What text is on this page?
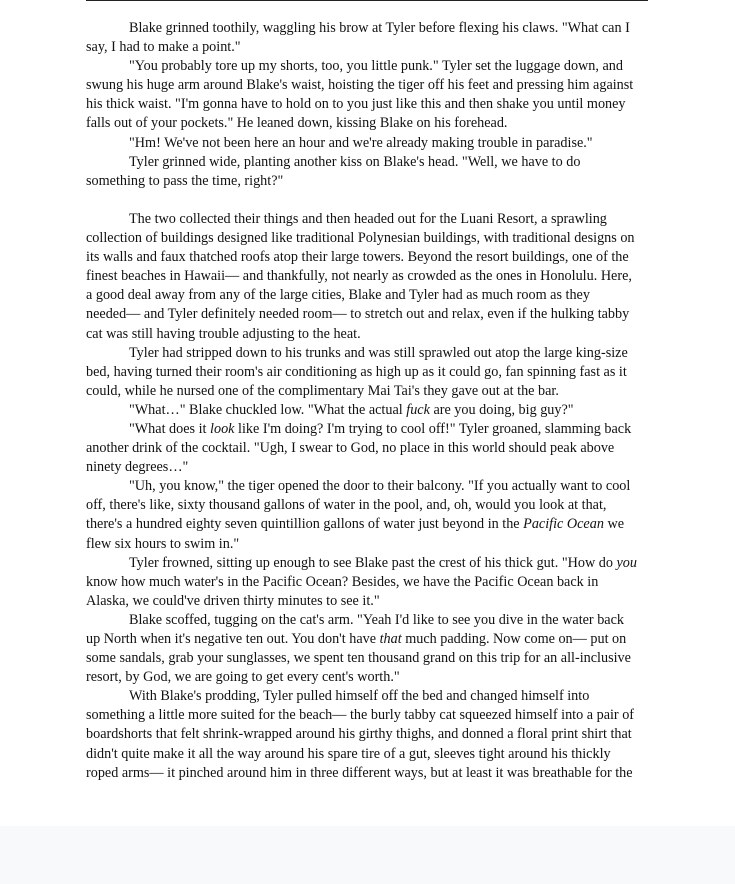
Blake grinned toothily, waggling his brow at Tyler before flexing his claws. "What can I
say, I had to make a point."

"You probably tore up my shorts, too, you little punk." Tyler set the luggage down, and
swung his huge arm around Blake's waist, hoisting the tiger off his feet and pressing him against
his thick waist. "I'm gonna have to hold on to you just like this and then shake you until money
falls out of your pockets." He leaned down, kissing Blake on his forehead.

"Hm! We've not been here an hour and we're already making trouble in paradise."

Tyler grinned wide, planting another kiss on Blake's head. "Well, we have to do
something to pass the time, right?"

The two collected their things and then headed out for the Luani Resort, a sprawling
collection of buildings designed like traditional Polynesian buildings, with traditional designs on
its walls and faux thatched roofs atop their large towers. Beyond the resort buildings, one of the
finest beaches in Hawaii— and thankfully, not nearly as crowded as the ones in Honolulu. Here,
a good deal away from any of the large cities, Blake and Tyler had as much room as they
needed— and Tyler definitely needed room— to stretch out and relax, even if the hulking tabby
cat was still having trouble adjusting to the heat.

Tyler had stripped down to his trunks and was still sprawled out atop the large king-size
bed, having turned their room's air conditioning as high up as it could go, fan spinning fast as it
could, while he nursed one of the complimentary Mai Tai's they gave out at the bar.

"What…" Blake chuckled low. "What the actual fuck are you doing, big guy?"

"What does it look like I'm doing? I'm trying to cool off!" Tyler groaned, slamming back
another drink of the cocktail. "Ugh, I swear to God, no place in this world should peak above
ninety degrees…"

"Uh, you know," the tiger opened the door to their balcony. "If you actually want to cool
off, there's like, sixty thousand gallons of water in the pool, and, oh, would you look at that,
there's a hundred eighty seven quintillion gallons of water just beyond in the Pacific Ocean we
flew six hours to swim in."

Tyler frowned, sitting up enough to see Blake past the crest of his thick gut. "How do you
know how much water's in the Pacific Ocean? Besides, we have the Pacific Ocean back in
Alaska, we could've driven thirty minutes to see it."

Blake scoffed, tugging on the cat's arm. "Yeah I'd like to see you dive in the water back
up North when it's negative ten out. You don't have that much padding. Now come on— put on
some sandals, grab your sunglasses, we spent ten thousand grand on this trip for an all-inclusive
resort, by God, we are going to get every cent's worth."

With Blake's prodding, Tyler pulled himself off the bed and changed himself into
something a little more suited for the beach— the burly tabby cat squeezed himself into a pair of
boardshorts that felt shrink-wrapped around his girthy thighs, and donned a floral print shirt that
didn't quite make it all the way around his spare tire of a gut, sleeves tight around his thickly
roped arms— it pinched around him in three different ways, but at least it was breathable for the
